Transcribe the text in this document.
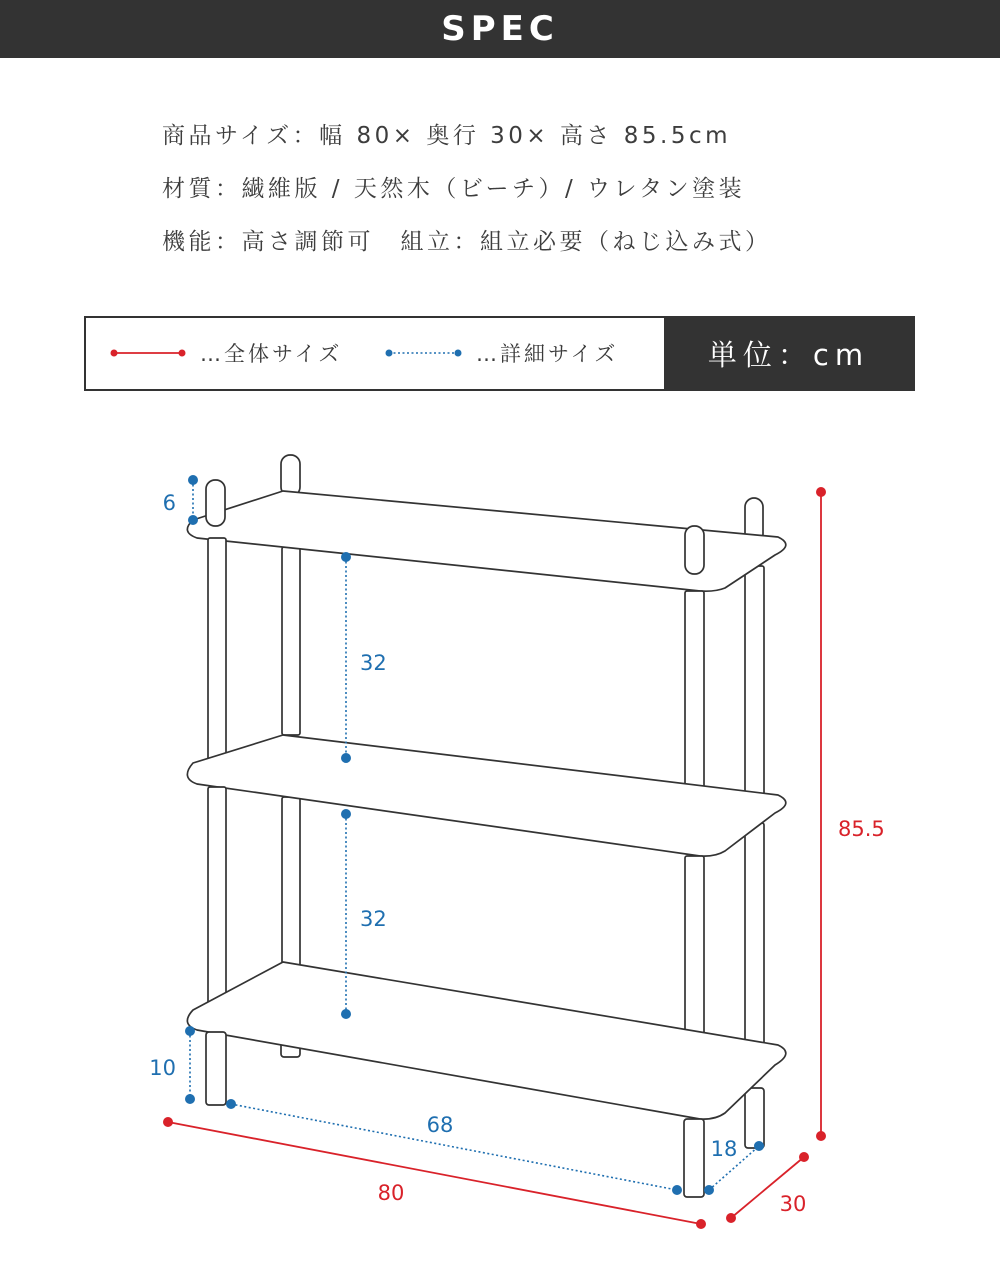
SPEC
商品サイズ：幅 80× 奥行 30× 高さ 85.5cm
材質：繊維版 / 天然木（ビーチ）/ ウレタン塗装
機能：高さ調節可　組立：組立必要（ねじ込み式）
…全体サイズ	…詳細サイズ	単位：cm
6
32
32
10
68
18
85.5
80	30
